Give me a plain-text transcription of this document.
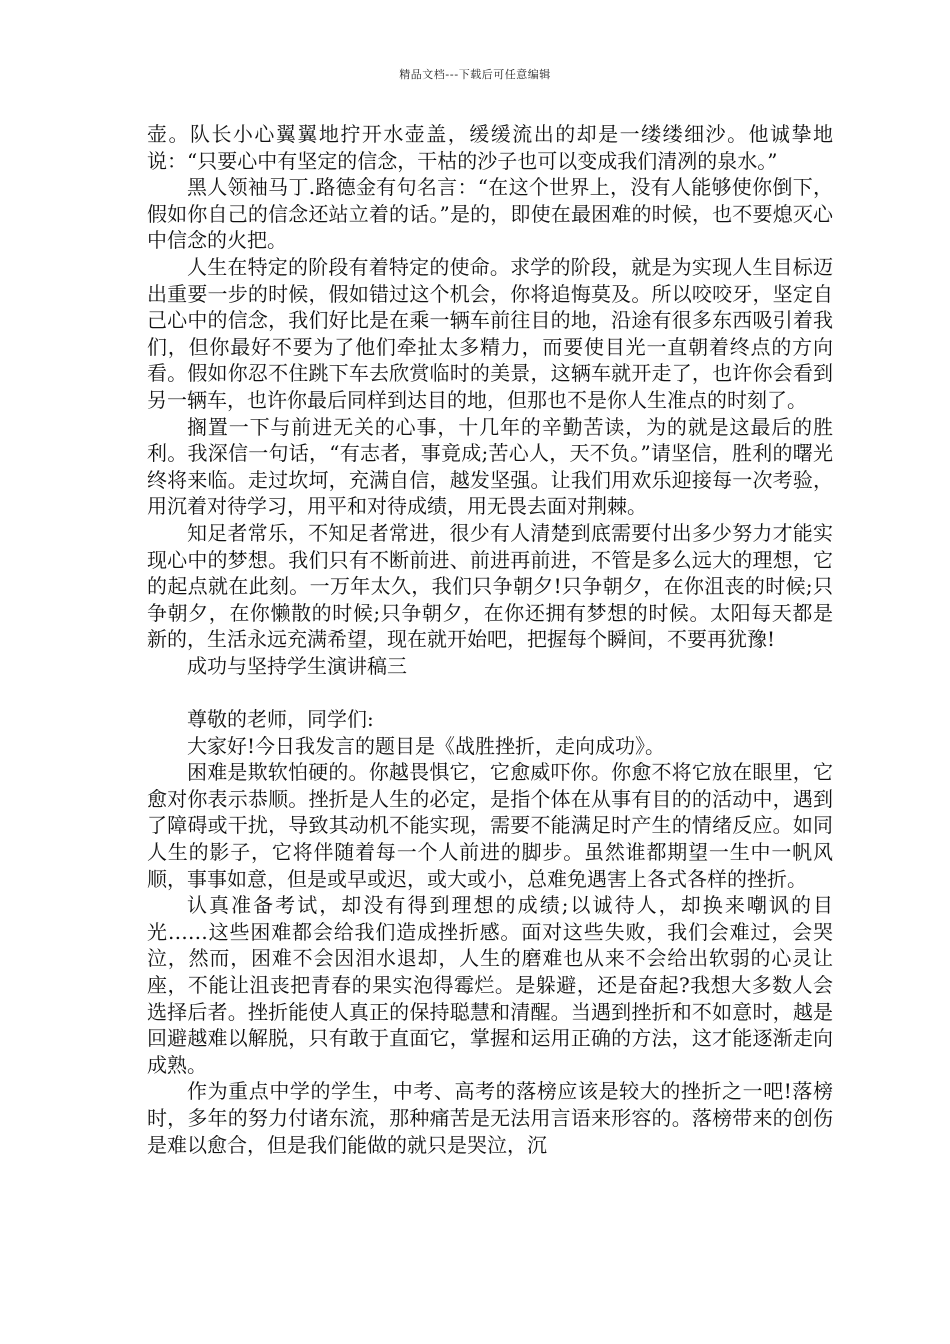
精品文档---下载后可任意编辑

壶。队长小心翼翼地拧开水壶盖，缓缓流出的却是一缕缕细沙。他诚挚地说：“只要心中有坚定的信念，干枯的沙子也可以变成我们清冽的泉水。”

黑人领袖马丁.路德金有句名言：“在这个世界上，没有人能够使你倒下，假如你自己的信念还站立着的话。”是的，即使在最困难的时候，也不要熄灭心中信念的火把。

人生在特定的阶段有着特定的使命。求学的阶段，就是为实现人生目标迈出重要一步的时候，假如错过这个机会，你将追悔莫及。所以咬咬牙，坚定自己心中的信念，我们好比是在乘一辆车前往目的地，沿途有很多东西吸引着我们，但你最好不要为了他们牵扯太多精力，而要使目光一直朝着终点的方向看。假如你忍不住跳下车去欣赏临时的美景，这辆车就开走了，也许你会看到另一辆车，也许你最后同样到达目的地，但那也不是你人生准点的时刻了。

搁置一下与前进无关的心事，十几年的辛勤苦读，为的就是这最后的胜利。我深信一句话，“有志者，事竟成;苦心人，天不负。”请坚信，胜利的曙光终将来临。走过坎坷，充满自信，越发坚强。让我们用欢乐迎接每一次考验，用沉着对待学习，用平和对待成绩，用无畏去面对荆棘。

知足者常乐，不知足者常进，很少有人清楚到底需要付出多少努力才能实现心中的梦想。我们只有不断前进、前进再前进，不管是多么远大的理想，它的起点就在此刻。一万年太久，我们只争朝夕!只争朝夕，在你沮丧的时候;只争朝夕，在你懒散的时候;只争朝夕，在你还拥有梦想的时候。太阳每天都是新的，生活永远充满希望，现在就开始吧，把握每个瞬间，不要再犹豫!

成功与坚持学生演讲稿三

尊敬的老师，同学们:

大家好!今日我发言的题目是《战胜挫折，走向成功》。

困难是欺软怕硬的。你越畏惧它，它愈威吓你。你愈不将它放在眼里，它愈对你表示恭顺。挫折是人生的必定，是指个体在从事有目的的活动中，遇到了障碍或干扰，导致其动机不能实现，需要不能满足时产生的情绪反应。如同人生的影子，它将伴随着每一个人前进的脚步。虽然谁都期望一生中一帆风顺，事事如意，但是或早或迟，或大或小，总难免遇害上各式各样的挫折。

认真准备考试，却没有得到理想的成绩;以诚待人，却换来嘲讽的目光……这些困难都会给我们造成挫折感。面对这些失败，我们会难过，会哭泣，然而，困难不会因泪水退却，人生的磨难也从来不会给出软弱的心灵让座，不能让沮丧把青春的果实泡得霉烂。是躲避，还是奋起?我想大多数人会选择后者。挫折能使人真正的保持聪慧和清醒。当遇到挫折和不如意时，越是回避越难以解脱，只有敢于直面它，掌握和运用正确的方法，这才能逐渐走向成熟。

作为重点中学的学生，中考、高考的落榜应该是较大的挫折之一吧!落榜时，多年的努力付诸东流，那种痛苦是无法用言语来形容的。落榜带来的创伤是难以愈合，但是我们能做的就只是哭泣，沉
